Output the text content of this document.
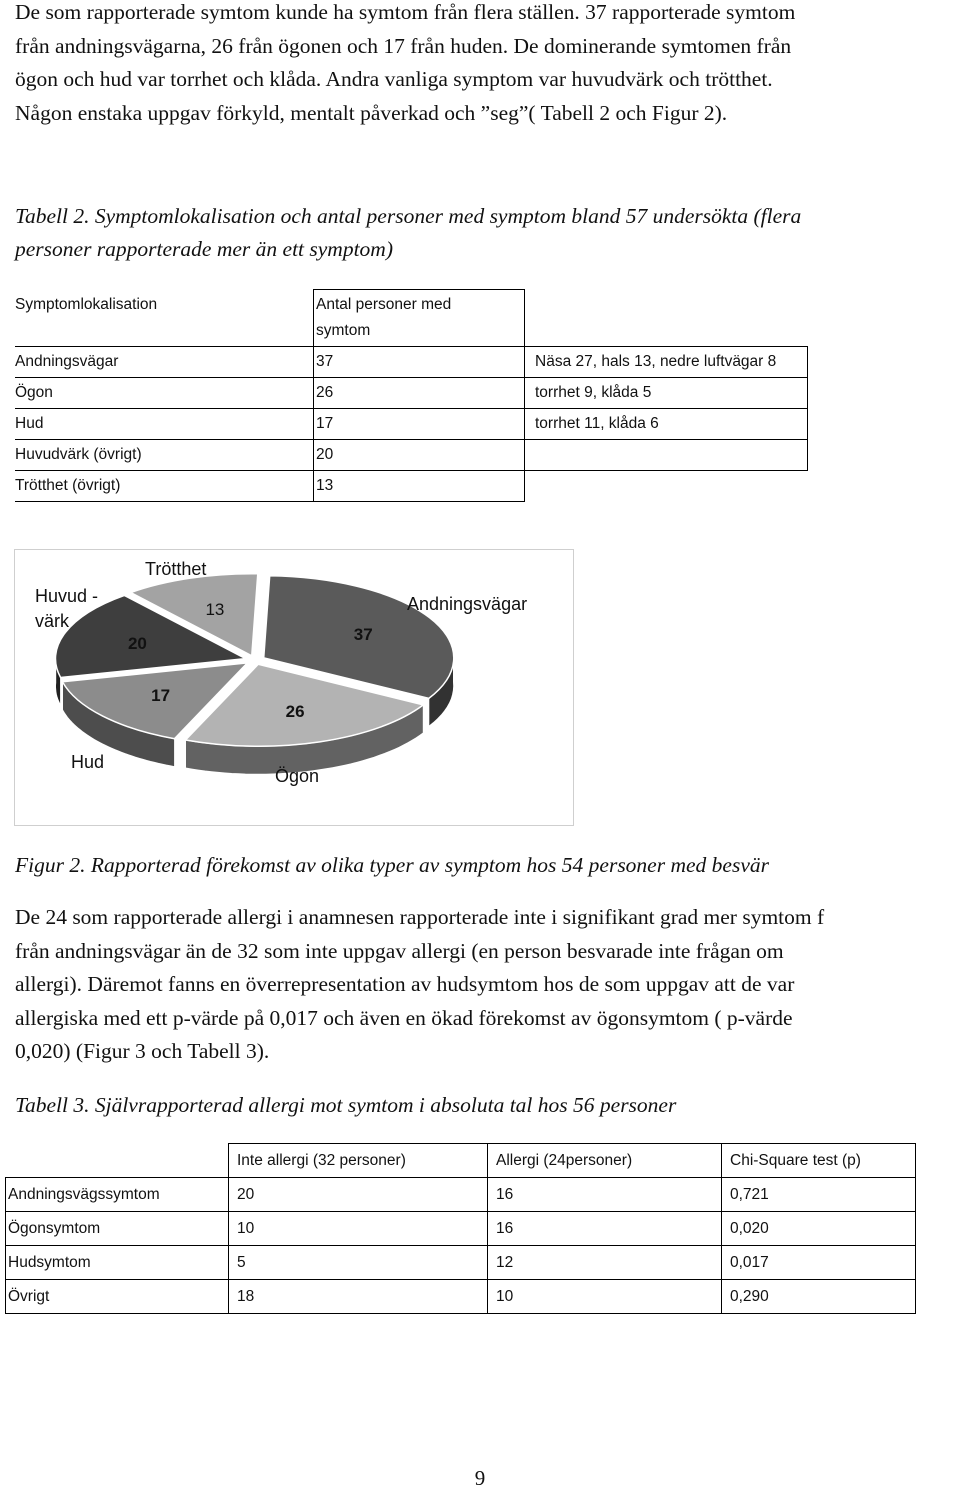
De som rapporterade symtom kunde ha symtom från flera ställen. 37 rapporterade symtom
från andningsvägarna, 26 från ögonen och 17 från huden. De dominerande symtomen från
ögon och hud var torrhet och klåda. Andra vanliga symptom var huvudvärk och trötthet.
Någon enstaka uppgav förkyld, mentalt påverkad och ”seg”( Tabell 2 och Figur 2).
Tabell 2. Symptomlokalisation och antal personer med symptom bland 57 undersökta (flera
personer rapporterade mer än ett symptom)
Symptomlokalisation	Antal personer med
symtom	

Andningsvägar	37	Näsa 27, hals 13, nedre luftvägar 8
Ögon	26	torrhet 9, klåda 5
Hud	17	torrhet 11, klåda 6
Huvudvärk (övrigt)	20	
Trötthet (övrigt)	13	
13
37
26
17
20
Andningsvägar
Ögon
Hud
Huvud -värk
Trötthet
Figur 2. Rapporterad förekomst av olika typer av symptom hos 54 personer med besvär
De 24 som rapporterade allergi i anamnesen rapporterade inte i signifikant grad mer symtom f
från andningsvägar än de 32 som inte uppgav allergi (en person besvarade inte frågan om
allergi). Däremot fanns en överrepresentation av hudsymtom hos de som uppgav att de var
allergiska med ett p-värde på 0,017 och även en ökad förekomst av ögonsymtom ( p-värde
0,020) (Figur 3 och Tabell 3).
Tabell 3. Självrapporterad allergi mot symtom i absoluta tal hos 56 personer
	Inte allergi (32 personer)	Allergi (24personer)	Chi-Square test (p)
Andningsvägssymtom	20	16	0,721
Ögonsymtom	10	16	0,020
Hudsymtom	5	12	0,017
Övrigt	18	10	0,290
9
